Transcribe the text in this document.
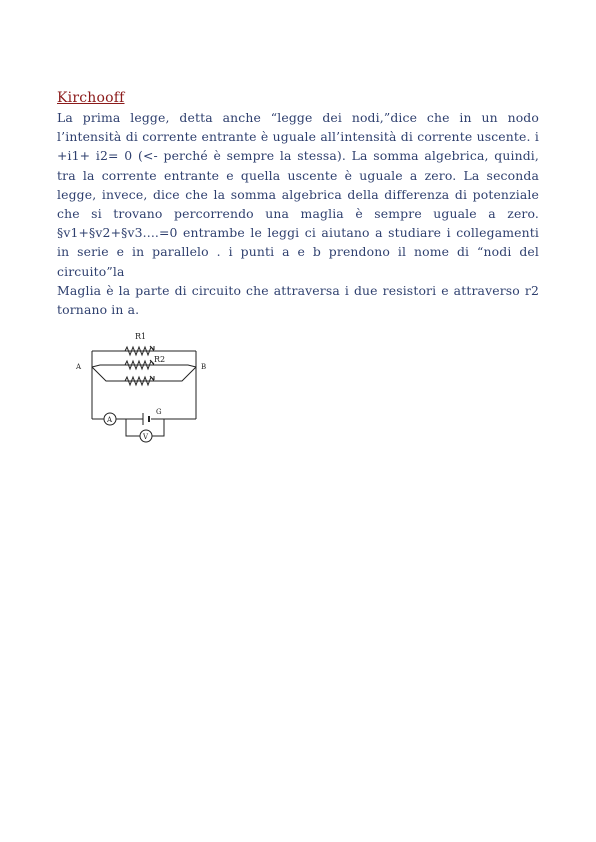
Kirchooff

La prima legge, detta anche “legge dei nodi,”dice che in un nodo l’intensità di corrente entrante è uguale all’intensità di corrente uscente. i +i1+ i2= 0 (<- perché è sempre la stessa). La somma algebrica, quindi, tra la corrente entrante e quella uscente è uguale a zero. La seconda legge, invece, dice che la somma algebrica della differenza di potenziale che si trovano percorrendo una maglia è sempre uguale a zero. §v1+§v2+§v3....=0 entrambe le leggi ci aiutano a studiare i collegamenti in serie e in parallelo . i punti a e b prendono il nome di “nodi del circuito”la

Maglia è la parte di circuito che attraversa i due resistori e attraverso r2 tornano in a.

R1
R2
A	B
G
A
V
